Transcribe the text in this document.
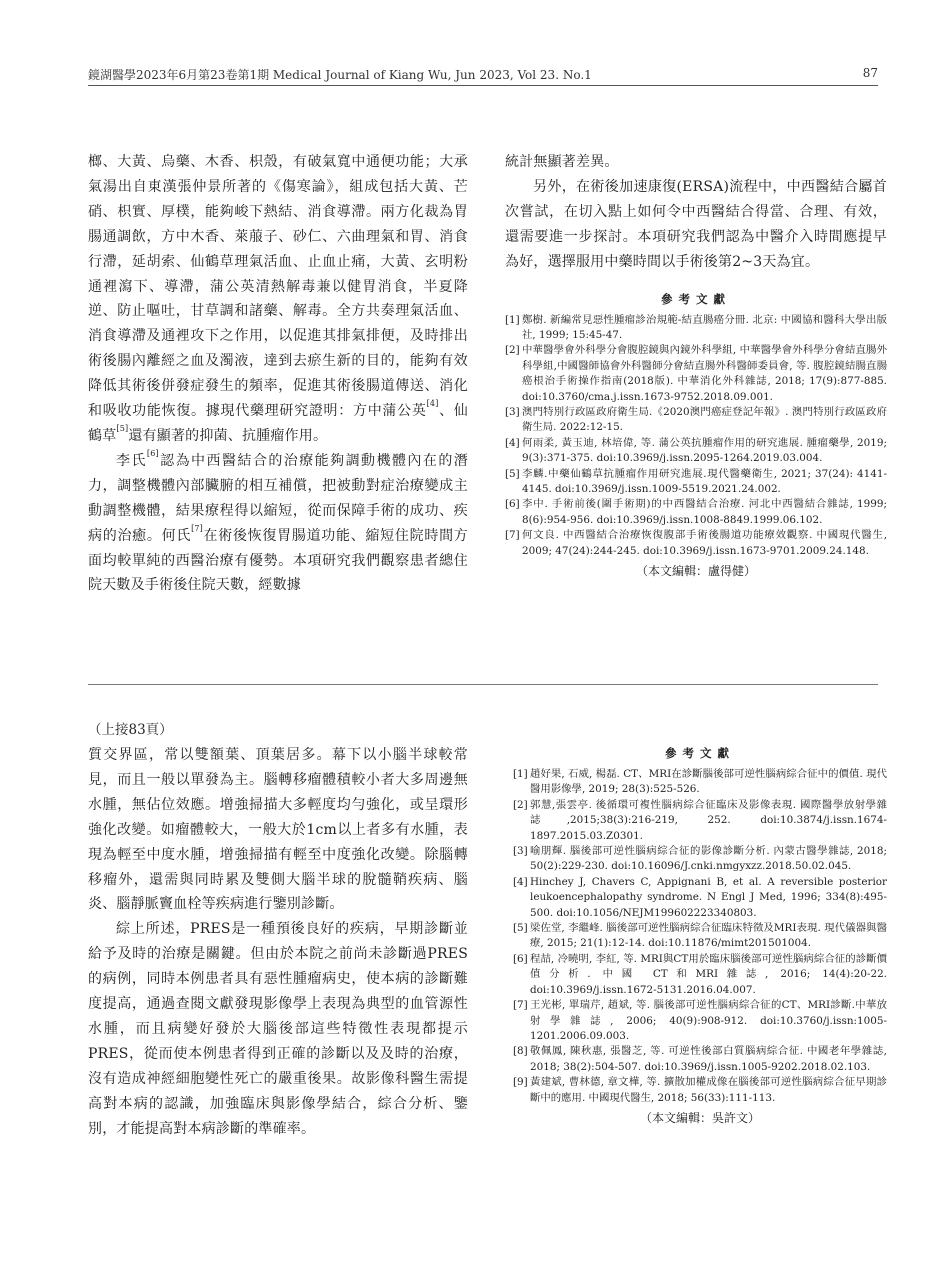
鏡湖醫學2023年6月第23卷第1期 Medical Journal of Kiang Wu, Jun 2023, Vol 23. No.1	87

榔、大黃、烏藥、木香、枳殼，有破氣寬中通便功能；大承氣湯出自東漢張仲景所著的《傷寒論》，組成包括大黃、芒硝、枳實、厚樸，能夠峻下熱結、消食導滯。兩方化裁為胃腸通調飲，方中木香、萊菔子、砂仁、六曲理氣和胃、消食行滯，延胡索、仙鶴草理氣活血、止血止痛，大黃、玄明粉通裡瀉下、導滯，蒲公英清熱解毒兼以健胃消食，半夏降逆、防止嘔吐，甘草調和諸藥、解毒。全方共奏理氣活血、消食導滯及通裡攻下之作用，以促進其排氣排便，及時排出術後腸內離經之血及濁液，達到去瘀生新的目的，能夠有效降低其術後併發症發生的頻率，促進其術後腸道傳送、消化和吸收功能恢復。據現代藥理研究證明：方中蒲公英[4]、仙鶴草[5]還有顯著的抑菌、抗腫瘤作用。

李氏[6]認為中西醫結合的治療能夠調動機體內在的潛力，調整機體內部臟腑的相互補償，把被動對症治療變成主動調整機體，結果療程得以縮短，從而保障手術的成功、疾病的治癒。何氏[7]在術後恢復胃腸道功能、縮短住院時間方面均較單純的西醫治療有優勢。本項研究我們觀察患者總住院天數及手術後住院天數，經數據

統計無顯著差異。

另外，在術後加速康復(ERSA)流程中，中西醫結合屬首次嘗試，在切入點上如何令中西醫結合得當、合理、有效，還需要進一步探討。本項研究我們認為中醫介入時間應提早為好，選擇服用中藥時間以手術後第2~3天為宜。

參考文獻
[1] 鄭樹. 新編常見惡性腫瘤診治規範-結直腸癌分冊. 北京: 中國協和醫科大學出版社, 1999; 15:45-47.
[2] 中華醫學會外科學分會腹腔鏡與內鏡外科學組, 中華醫學會外科學分會結直腸外科學組,中國醫師協會外科醫師分會結直腸外科醫師委員會, 等. 腹腔鏡結腸直腸癌根治手術操作指南(2018版). 中華消化外科雜誌, 2018; 17(9):877-885. doi:10.3760/cma.j.issn.1673-9752.2018.09.001.
[3] 澳門特別行政區政府衛生局.《2020澳門癌症登記年報》. 澳門特別行政區政府衛生局. 2022:12-15.
[4] 何雨柔, 黃玉迪, 林培偉, 等. 蒲公英抗腫瘤作用的研究進展. 腫瘤藥學, 2019; 9(3):371-375. doi:10.3969/j.issn.2095-1264.2019.03.004.
[5] 李麟.中藥仙鶴草抗腫瘤作用研究進展.現代醫藥衛生, 2021; 37(24): 4141-4145. doi:10.3969/j.issn.1009-5519.2021.24.002.
[6] 李中. 手術前後(圍手術期)的中西醫結合治療. 河北中西醫結合雜誌, 1999; 8(6):954-956. doi:10.3969/j.issn.1008-8849.1999.06.102.
[7] 何文良. 中西醫結合治療恢復腹部手術後腸道功能療效觀察. 中國現代醫生, 2009; 47(24):244-245. doi:10.3969/j.issn.1673-9701.2009.24.148.
（本文編輯：盧得健）
（上接83頁）

質交界區，常以雙額葉、頂葉居多。幕下以小腦半球較常見，而且一般以單發為主。腦轉移瘤體積較小者大多周邊無水腫，無佔位效應。增強掃描大多輕度均勻強化，或呈環形強化改變。如瘤體較大，一般大於1cm以上者多有水腫，表現為輕至中度水腫，增強掃描有輕至中度強化改變。除腦轉移瘤外，還需與同時累及雙側大腦半球的脫髓鞘疾病、腦炎、腦靜脈竇血栓等疾病進行鑒別診斷。

綜上所述，PRES是一種預後良好的疾病，早期診斷並給予及時的治療是關鍵。但由於本院之前尚未診斷過PRES的病例，同時本例患者具有惡性腫瘤病史，使本病的診斷難度提高，通過查閱文獻發現影像學上表現為典型的血管源性水腫，而且病變好發於大腦後部這些特徵性表現都提示PRES，從而使本例患者得到正確的診斷以及及時的治療，沒有造成神經細胞變性死亡的嚴重後果。故影像科醫生需提高對本病的認識，加強臨床與影像學結合，綜合分析、鑒別，才能提高對本病診斷的準確率。

參考文獻
[1] 趙好果, 石威, 楊磊. CT、MRI在診斷腦後部可逆性腦病綜合征中的價值. 現代醫用影像學, 2019; 28(3):525-526.
[2] 郭慧,張雲亭. 後循環可複性腦病綜合征臨床及影像表現. 國際醫學放射學雜誌,2015;38(3):216-219, 252. doi:10.3874/j.issn.1674-1897.2015.03.Z0301.
[3] 喻朋輝. 腦後部可逆性腦病綜合征的影像診斷分析. 內蒙古醫學雜誌, 2018; 50(2):229-230. doi:10.16096/J.cnki.nmgyxzz.2018.50.02.045.
[4] Hinchey J, Chavers C, Appignani B, et al. A reversible posterior leukoencephalopathy syndrome. N Engl J Med, 1996; 334(8):495-500. doi:10.1056/NEJM199602223340803.
[5] 梁佐堂, 李繼峰. 腦後部可逆性腦病綜合征臨床特徵及MRI表現. 現代儀器與醫療, 2015; 21(1):12-14. doi:10.11876/mimt201501004.
[6] 程喆, 冷曉明, 李紅, 等. MRI與CT用於臨床腦後部可逆性腦病綜合征的診斷價值分析. 中國 CT和MRI雜誌, 2016; 14(4):20-22. doi:10.3969/j.issn.1672-5131.2016.04.007.
[7] 王光彬, 單瑞芹, 趙斌, 等. 腦後部可逆性腦病綜合征的CT、MRI診斷.中華放射學雜誌, 2006; 40(9):908-912. doi:10.3760/j.issn:1005-1201.2006.09.003.
[8] 敬佩鳳, 陳秋惠, 張醫芝, 等. 可逆性後部白質腦病綜合征. 中國老年學雜誌, 2018; 38(2):504-507. doi:10.3969/j.issn.1005-9202.2018.02.103.
[9] 黃建斌, 曹林德, 章文樺, 等. 擴散加權成像在腦後部可逆性腦病綜合征早期診斷中的應用. 中國現代醫生, 2018; 56(33):111-113.
（本文編輯：吳許文）
